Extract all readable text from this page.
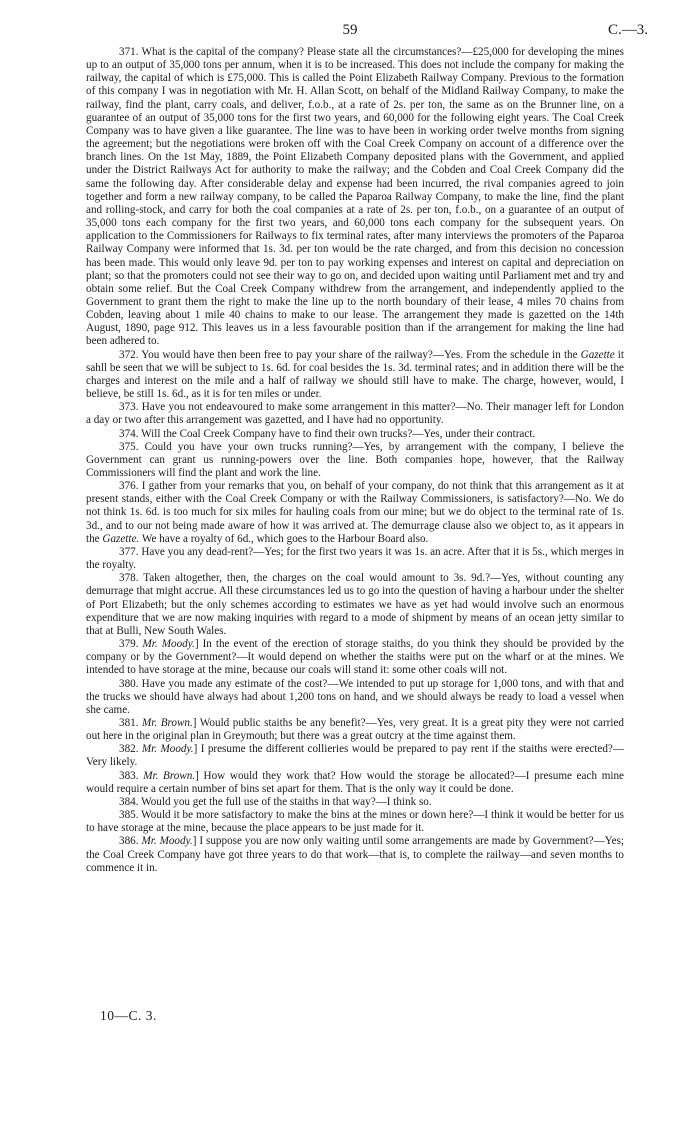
59	C.—3.

371. What is the capital of the company? Please state all the circumstances?—£25,000 for developing the mines up to an output of 35,000 tons per annum, when it is to be increased. This does not include the company for making the railway, the capital of which is £75,000. This is called the Point Elizabeth Railway Company. Previous to the formation of this company I was in negotiation with Mr. H. Allan Scott, on behalf of the Midland Railway Company, to make the railway, find the plant, carry coals, and deliver, f.o.b., at a rate of 2s. per ton, the same as on the Brunner line, on a guarantee of an output of 35,000 tons for the first two years, and 60,000 for the following eight years. The Coal Creek Company was to have given a like guarantee. The line was to have been in working order twelve months from signing the agreement; but the negotiations were broken off with the Coal Creek Company on account of a difference over the branch lines. On the 1st May, 1889, the Point Elizabeth Company deposited plans with the Government, and applied under the District Railways Act for authority to make the railway; and the Cobden and Coal Creek Company did the same the following day. After considerable delay and expense had been incurred, the rival companies agreed to join together and form a new railway company, to be called the Paparoa Railway Company, to make the line, find the plant and rolling-stock, and carry for both the coal companies at a rate of 2s. per ton, f.o.b., on a guarantee of an output of 35,000 tons each company for the first two years, and 60,000 tons each company for the subsequent years. On application to the Commissioners for Railways to fix terminal rates, after many interviews the promoters of the Paparoa Railway Company were informed that 1s. 3d. per ton would be the rate charged, and from this decision no concession has been made. This would only leave 9d. per ton to pay working expenses and interest on capital and depreciation on plant; so that the promoters could not see their way to go on, and decided upon waiting until Parliament met and try and obtain some relief. But the Coal Creek Company withdrew from the arrangement, and independently applied to the Government to grant them the right to make the line up to the north boundary of their lease, 4 miles 70 chains from Cobden, leaving about 1 mile 40 chains to make to our lease. The arrangement they made is gazetted on the 14th August, 1890, page 912. This leaves us in a less favourable position than if the arrangement for making the line had been adhered to.

372. You would have then been free to pay your share of the railway?—Yes. From the schedule in the Gazette it sahll be seen that we will be subject to 1s. 6d. for coal besides the 1s. 3d. terminal rates; and in addition there will be the charges and interest on the mile and a half of railway we should still have to make. The charge, however, would, I believe, be still 1s. 6d., as it is for ten miles or under.

373. Have you not endeavoured to make some arrangement in this matter?—No. Their manager left for London a day or two after this arrangement was gazetted, and I have had no opportunity.

374. Will the Coal Creek Company have to find their own trucks?—Yes, under their contract.

375. Could you have your own trucks running?—Yes, by arrangement with the company, I believe the Government can grant us running-powers over the line. Both companies hope, however, that the Railway Commissioners will find the plant and work the line.

376. I gather from your remarks that you, on behalf of your company, do not think that this arrangement as it at present stands, either with the Coal Creek Company or with the Railway Commissioners, is satisfactory?—No. We do not think 1s. 6d. is too much for six miles for hauling coals from our mine; but we do object to the terminal rate of 1s. 3d., and to our not being made aware of how it was arrived at. The demurrage clause also we object to, as it appears in the Gazette. We have a royalty of 6d., which goes to the Harbour Board also.

377. Have you any dead-rent?—Yes; for the first two years it was 1s. an acre. After that it is 5s., which merges in the royalty.

378. Taken altogether, then, the charges on the coal would amount to 3s. 9d.?—Yes, without counting any demurrage that might accrue. All these circumstances led us to go into the question of having a harbour under the shelter of Port Elizabeth; but the only schemes according to estimates we have as yet had would involve such an enormous expenditure that we are now making inquiries with regard to a mode of shipment by means of an ocean jetty similar to that at Bulli, New South Wales.

379. Mr. Moody.] In the event of the erection of storage staiths, do you think they should be provided by the company or by the Government?—It would depend on whether the staiths were put on the wharf or at the mines. We intended to have storage at the mine, because our coals will stand it: some other coals will not.

380. Have you made any estimate of the cost?—We intended to put up storage for 1,000 tons, and with that and the trucks we should have always had about 1,200 tons on hand, and we should always be ready to load a vessel when she came.

381. Mr. Brown.] Would public staiths be any benefit?—Yes, very great. It is a great pity they were not carried out here in the original plan in Greymouth; but there was a great outcry at the time against them.

382. Mr. Moody.] I presume the different collieries would be prepared to pay rent if the staiths were erected?—Very likely.

383. Mr. Brown.] How would they work that? How would the storage be allocated?—I presume each mine would require a certain number of bins set apart for them. That is the only way it could be done.

384. Would you get the full use of the staiths in that way?—I think so.

385. Would it be more satisfactory to make the bins at the mines or down here?—I think it would be better for us to have storage at the mine, because the place appears to be just made for it.

386. Mr. Moody.] I suppose you are now only waiting until some arrangements are made by Government?—Yes; the Coal Creek Company have got three years to do that work—that is, to complete the railway—and seven months to commence it in.

10—C. 3.
